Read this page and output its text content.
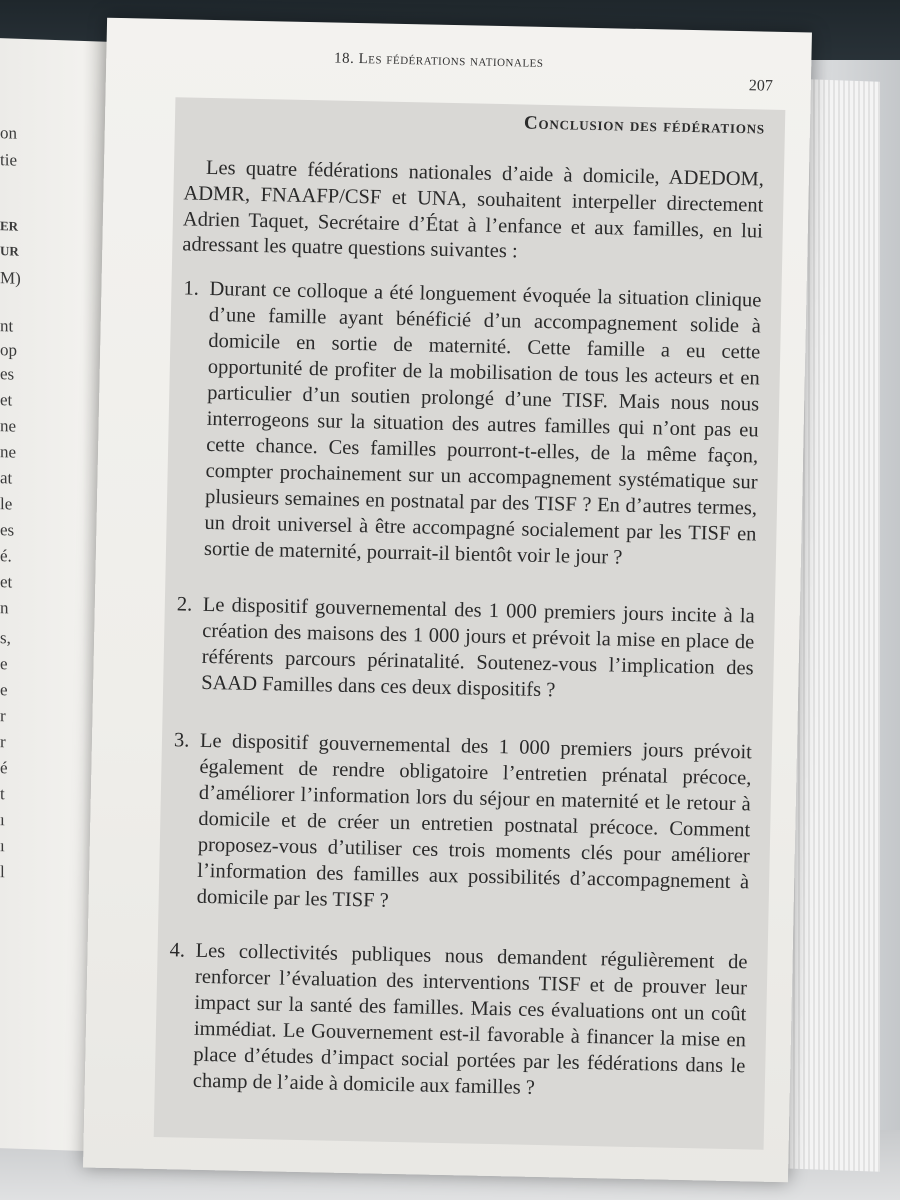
on
tie
ER
UR
M)
nt
op
es
et
ne
ne
at
le
es
é.
et
n
s,
e
e
r
r
é
t
ı
ı
l
18. Les fédérations nationales
207
Conclusion des fédérations
Les quatre fédérations nationales d’aide à domicile, ADEDOM, ADMR, FNAAFP/CSF et UNA, souhaitent interpeller directement Adrien Taquet, Secrétaire d’État à l’enfance et aux familles, en lui adressant les quatre questions suivantes :
1. Durant ce colloque a été longuement évoquée la situation clinique d’une famille ayant bénéficié d’un accompagnement solide à domicile en sortie de maternité. Cette famille a eu cette opportunité de profiter de la mobilisation de tous les acteurs et en particulier d’un soutien prolongé d’une TISF. Mais nous nous interrogeons sur la situation des autres familles qui n’ont pas eu cette chance. Ces familles pourront-t-elles, de la même façon, compter prochainement sur un accompagnement systématique sur plusieurs semaines en postnatal par des TISF ? En d’autres termes, un droit universel à être accompagné socialement par les TISF en sortie de maternité, pourrait-il bientôt voir le jour ?
2. Le dispositif gouvernemental des 1 000 premiers jours incite à la création des maisons des 1 000 jours et prévoit la mise en place de référents parcours périnatalité. Soutenez-vous l’implication des SAAD Familles dans ces deux dispositifs ?
3. Le dispositif gouvernemental des 1 000 premiers jours prévoit également de rendre obligatoire l’entretien prénatal précoce, d’améliorer l’information lors du séjour en maternité et le retour à domicile et de créer un entretien postnatal précoce. Comment proposez-vous d’utiliser ces trois moments clés pour améliorer l’information des familles aux possibilités d’accompagnement à domicile par les TISF ?
4. Les collectivités publiques nous demandent régulièrement de renforcer l’évaluation des interventions TISF et de prouver leur impact sur la santé des familles. Mais ces évaluations ont un coût immédiat. Le Gouvernement est-il favorable à financer la mise en place d’études d’impact social portées par les fédérations dans le champ de l’aide à domicile aux familles ?
